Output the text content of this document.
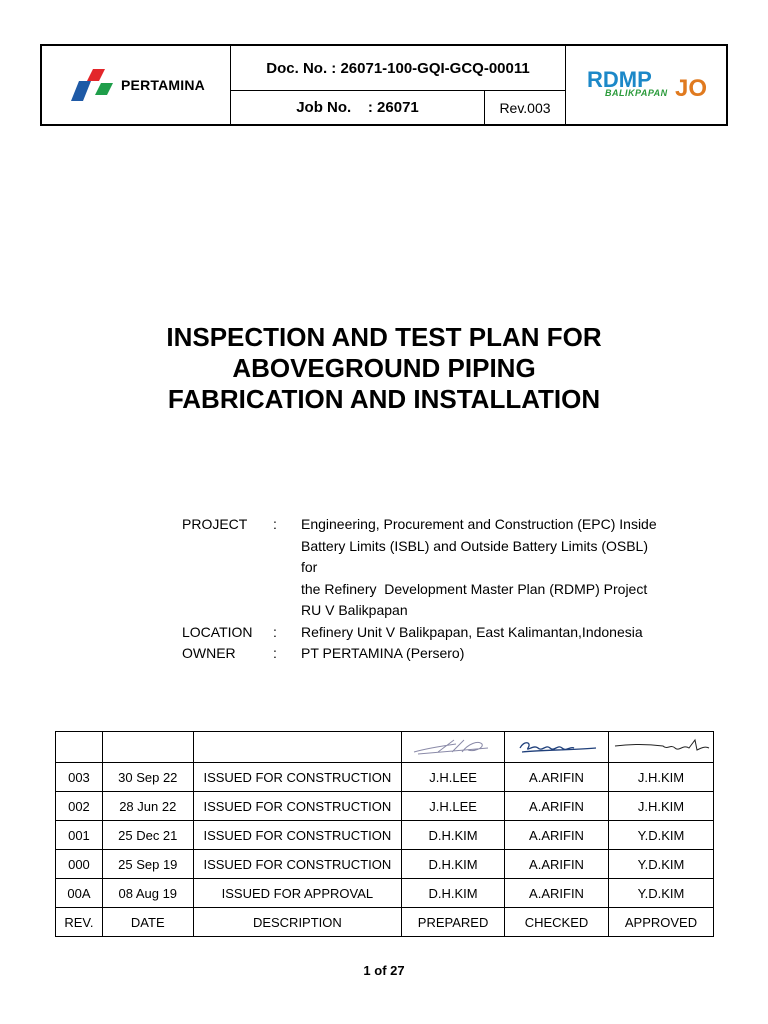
PERTAMINA
Doc. No. : 26071-100-GQI-GCQ-00011
Job No.    : 26071	Rev.003
RDMP
BALIKPAPAN JO
INSPECTION AND TEST PLAN FOR
ABOVEGROUND PIPING
FABRICATION AND INSTALLATION
PROJECT	:	Engineering, Procurement and Construction (EPC) Inside
Battery Limits (ISBL) and Outside Battery Limits (OSBL) for
the Refinery  Development Master Plan (RDMP) Project
RU V Balikpapan
LOCATION	:	Refinery Unit V Balikpapan, East Kalimantan,Indonesia
OWNER	:	PT PERTAMINA (Persero)

003	30 Sep 22	ISSUED FOR CONSTRUCTION	J.H.LEE	A.ARIFIN	J.H.KIM
002	28 Jun 22	ISSUED FOR CONSTRUCTION	J.H.LEE	A.ARIFIN	J.H.KIM
001	25 Dec 21	ISSUED FOR CONSTRUCTION	D.H.KIM	A.ARIFIN	Y.D.KIM
000	25 Sep 19	ISSUED FOR CONSTRUCTION	D.H.KIM	A.ARIFIN	Y.D.KIM
00A	08 Aug 19	ISSUED FOR APPROVAL	D.H.KIM	A.ARIFIN	Y.D.KIM
REV.	DATE	DESCRIPTION	PREPARED	CHECKED	APPROVED
1 of 27
